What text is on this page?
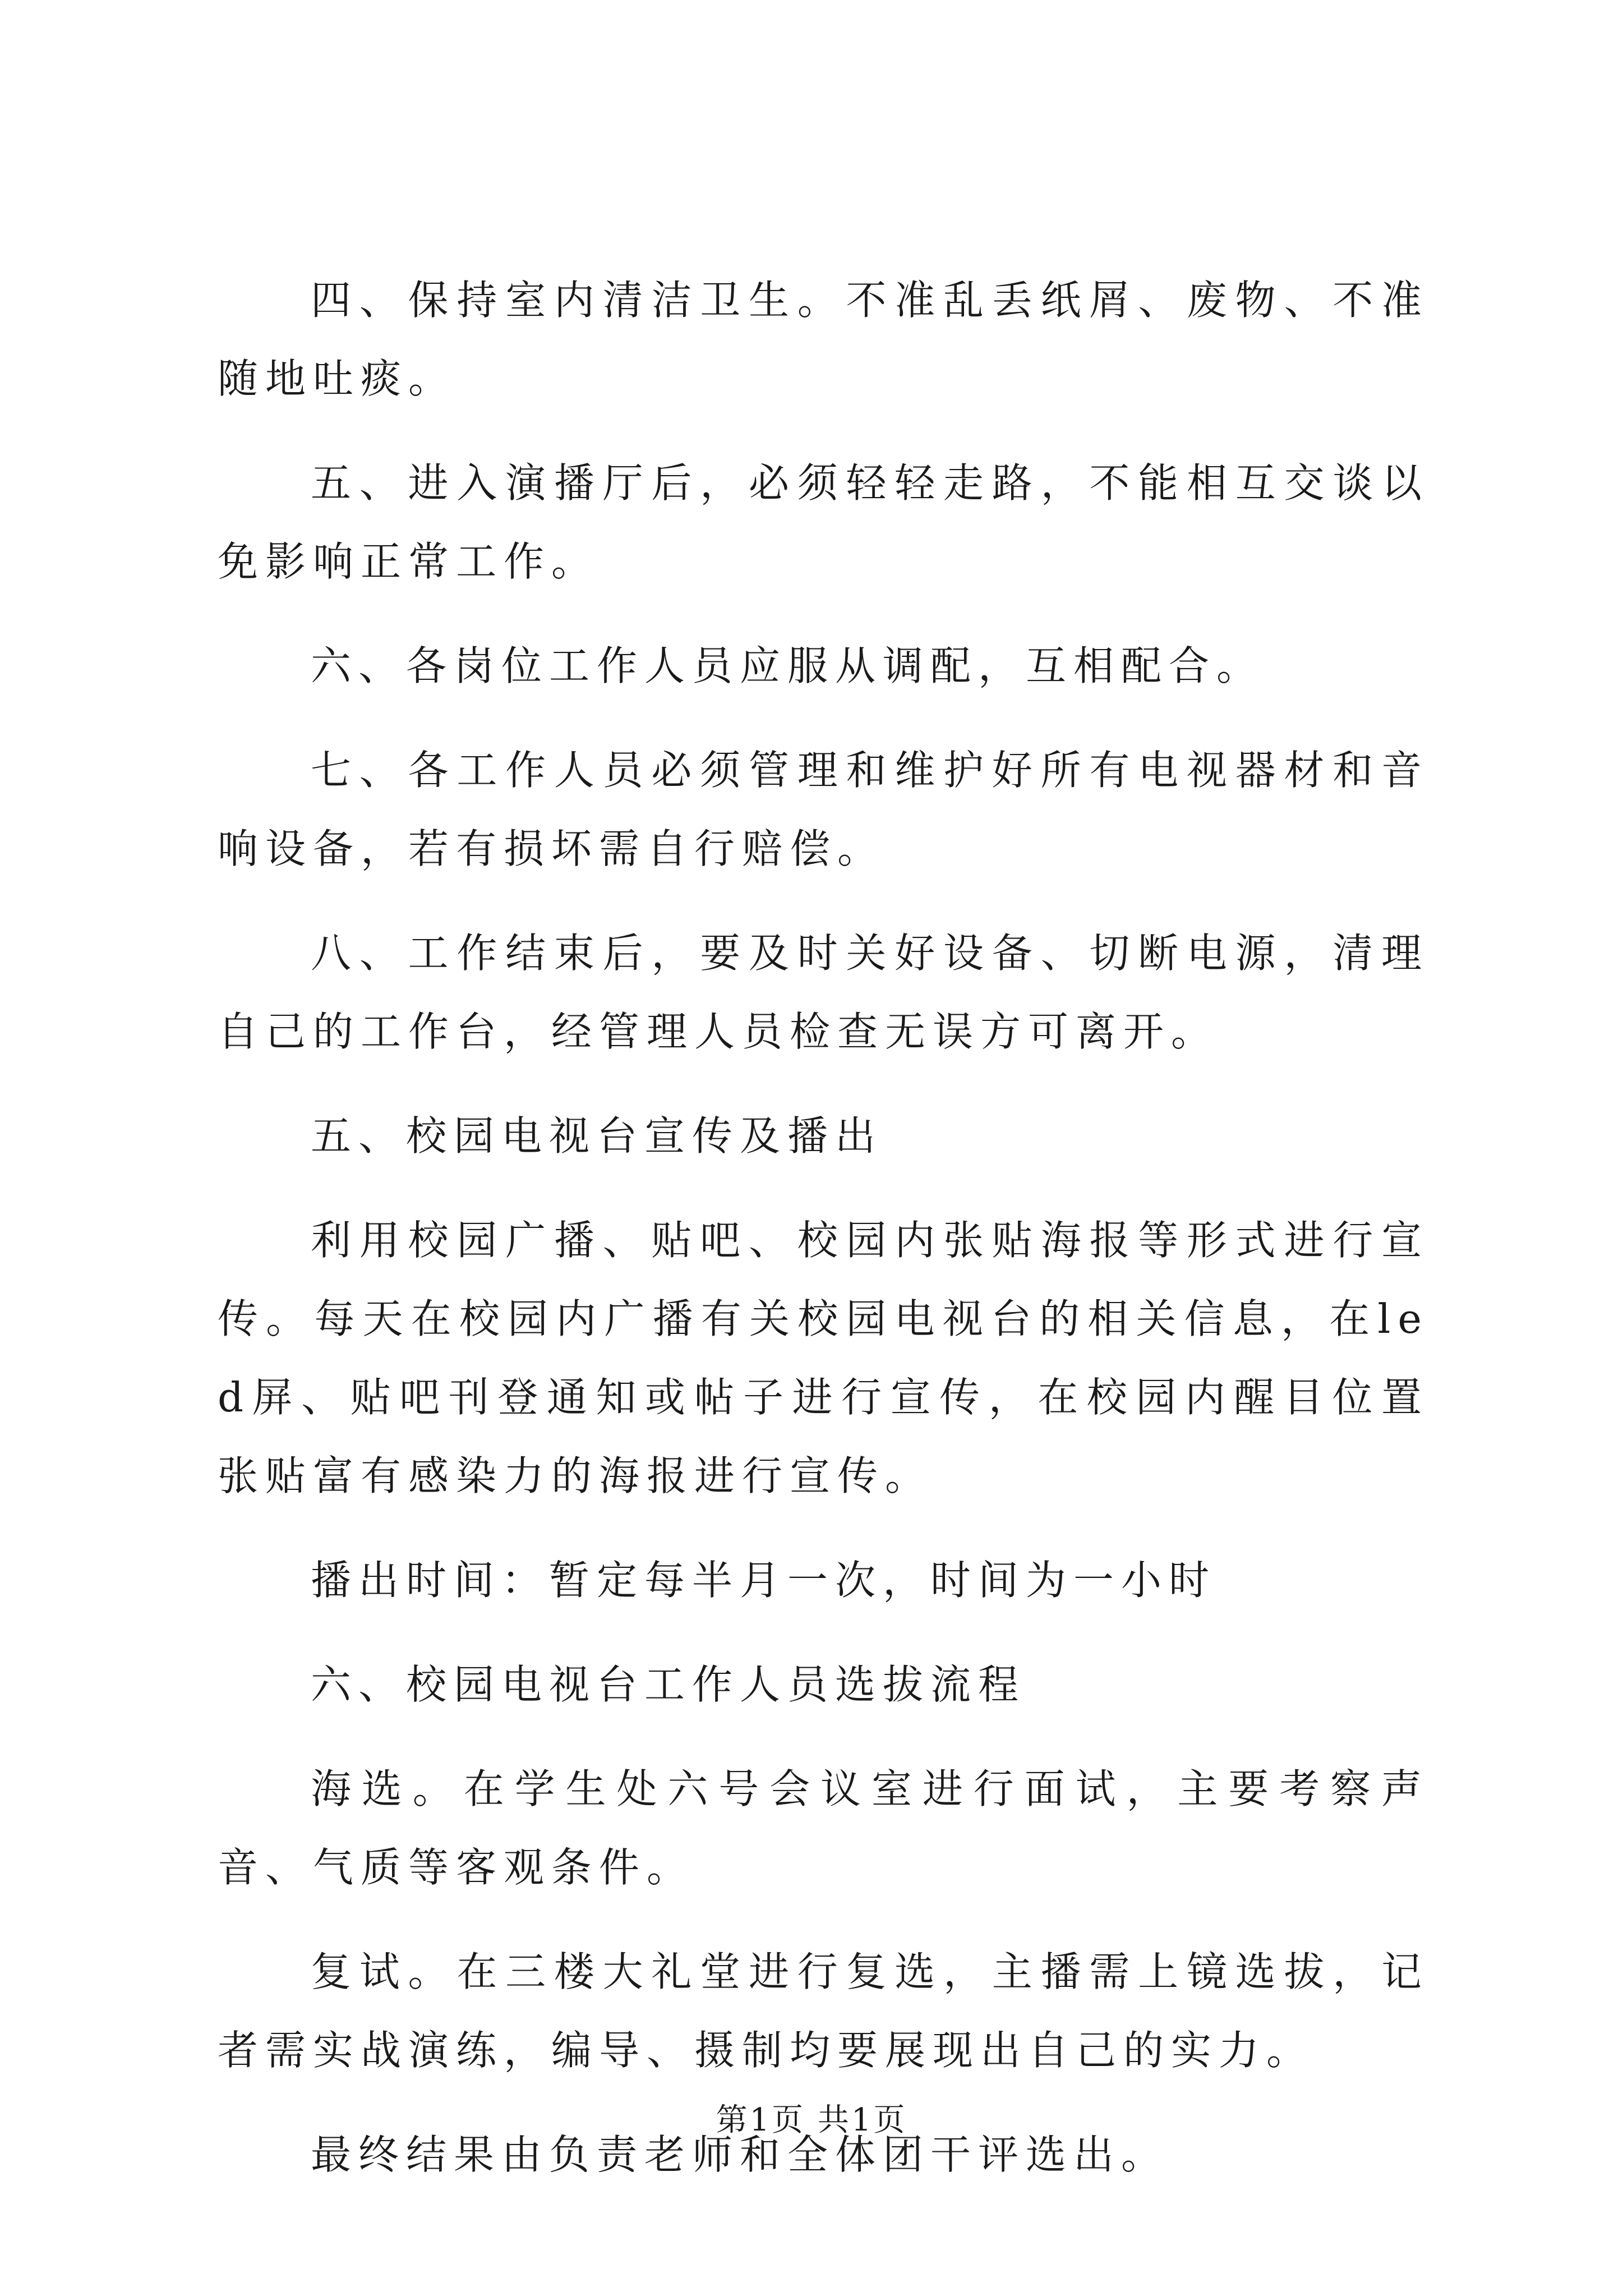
四、保持室内清洁卫生。不准乱丢纸屑、废物、不准随地吐痰。

五、进入演播厅后，必须轻轻走路，不能相互交谈以免影响正常工作。

六、各岗位工作人员应服从调配，互相配合。

七、各工作人员必须管理和维护好所有电视器材和音响设备，若有损坏需自行赔偿。

八、工作结束后，要及时关好设备、切断电源，清理自己的工作台，经管理人员检查无误方可离开。

五、校园电视台宣传及播出

利用校园广播、贴吧、校园内张贴海报等形式进行宣传。每天在校园内广播有关校园电视台的相关信息，在led屏、贴吧刊登通知或帖子进行宣传，在校园内醒目位置张贴富有感染力的海报进行宣传。

播出时间：暂定每半月一次，时间为一小时

六、校园电视台工作人员选拔流程

海选。在学生处六号会议室进行面试，主要考察声音、气质等客观条件。

复试。在三楼大礼堂进行复选，主播需上镜选拔，记者需实战演练，编导、摄制均要展现出自己的实力。

最终结果由负责老师和全体团干评选出。

第1页 共1页
